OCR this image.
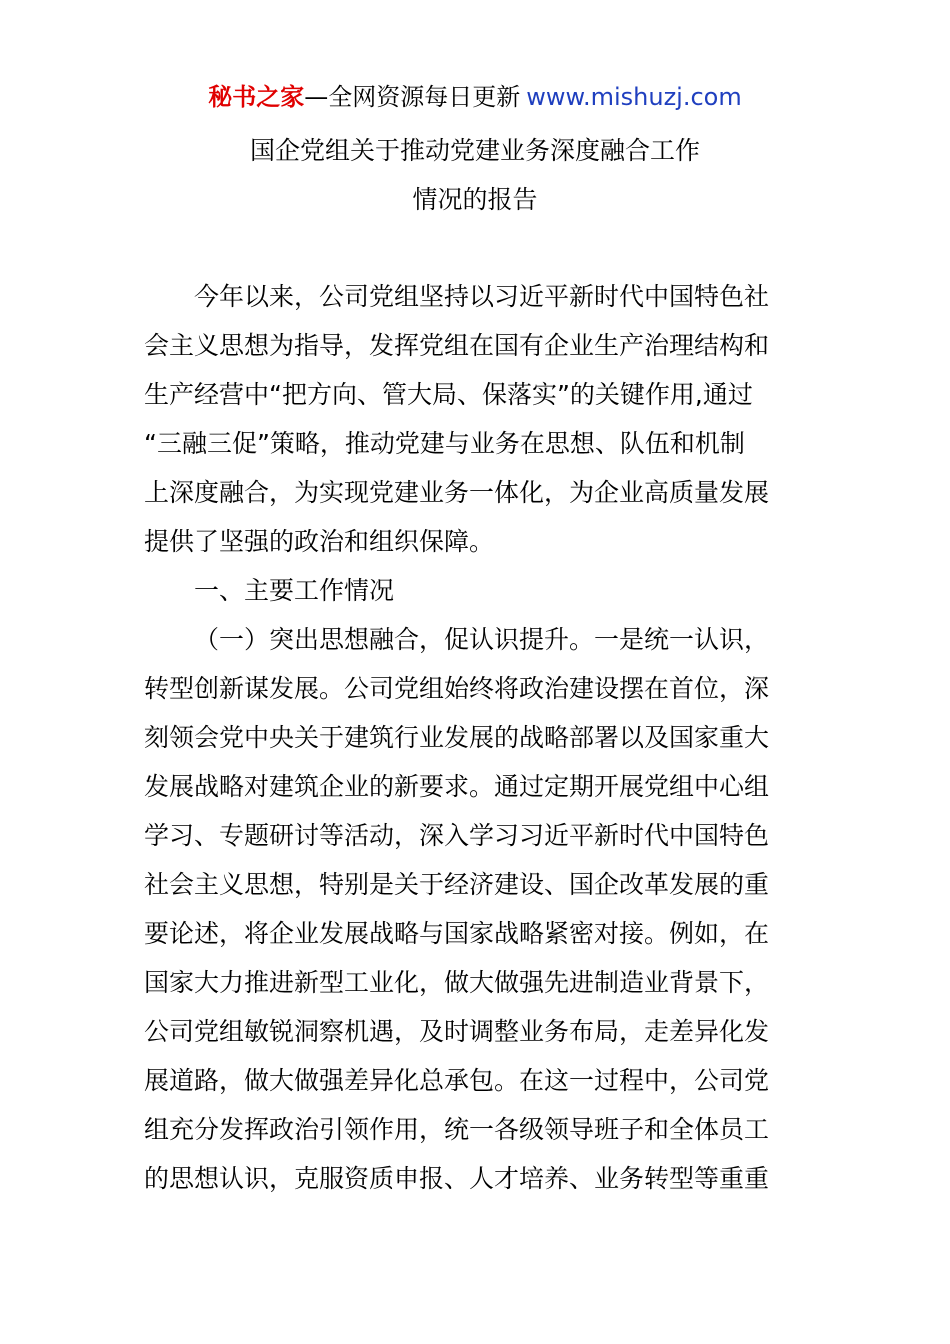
秘书之家—全网资源每日更新 www.mishuzj.com
国企党组关于推动党建业务深度融合工作
情况的报告
今年以来，公司党组坚持以习近平新时代中国特色社
会主义思想为指导，发挥党组在国有企业生产治理结构和
生产经营中“把方向、管大局、保落实”的关键作用,通过
“三融三促”策略，推动党建与业务在思想、队伍和机制
上深度融合，为实现党建业务一体化，为企业高质量发展
提供了坚强的政治和组织保障。
一、主要工作情况
（一）突出思想融合，促认识提升。一是统一认识，
转型创新谋发展。公司党组始终将政治建设摆在首位，深
刻领会党中央关于建筑行业发展的战略部署以及国家重大
发展战略对建筑企业的新要求。通过定期开展党组中心组
学习、专题研讨等活动，深入学习习近平新时代中国特色
社会主义思想，特别是关于经济建设、国企改革发展的重
要论述，将企业发展战略与国家战略紧密对接。例如，在
国家大力推进新型工业化，做大做强先进制造业背景下，
公司党组敏锐洞察机遇，及时调整业务布局，走差异化发
展道路，做大做强差异化总承包。在这一过程中，公司党
组充分发挥政治引领作用，统一各级领导班子和全体员工
的思想认识，克服资质申报、人才培养、业务转型等重重
